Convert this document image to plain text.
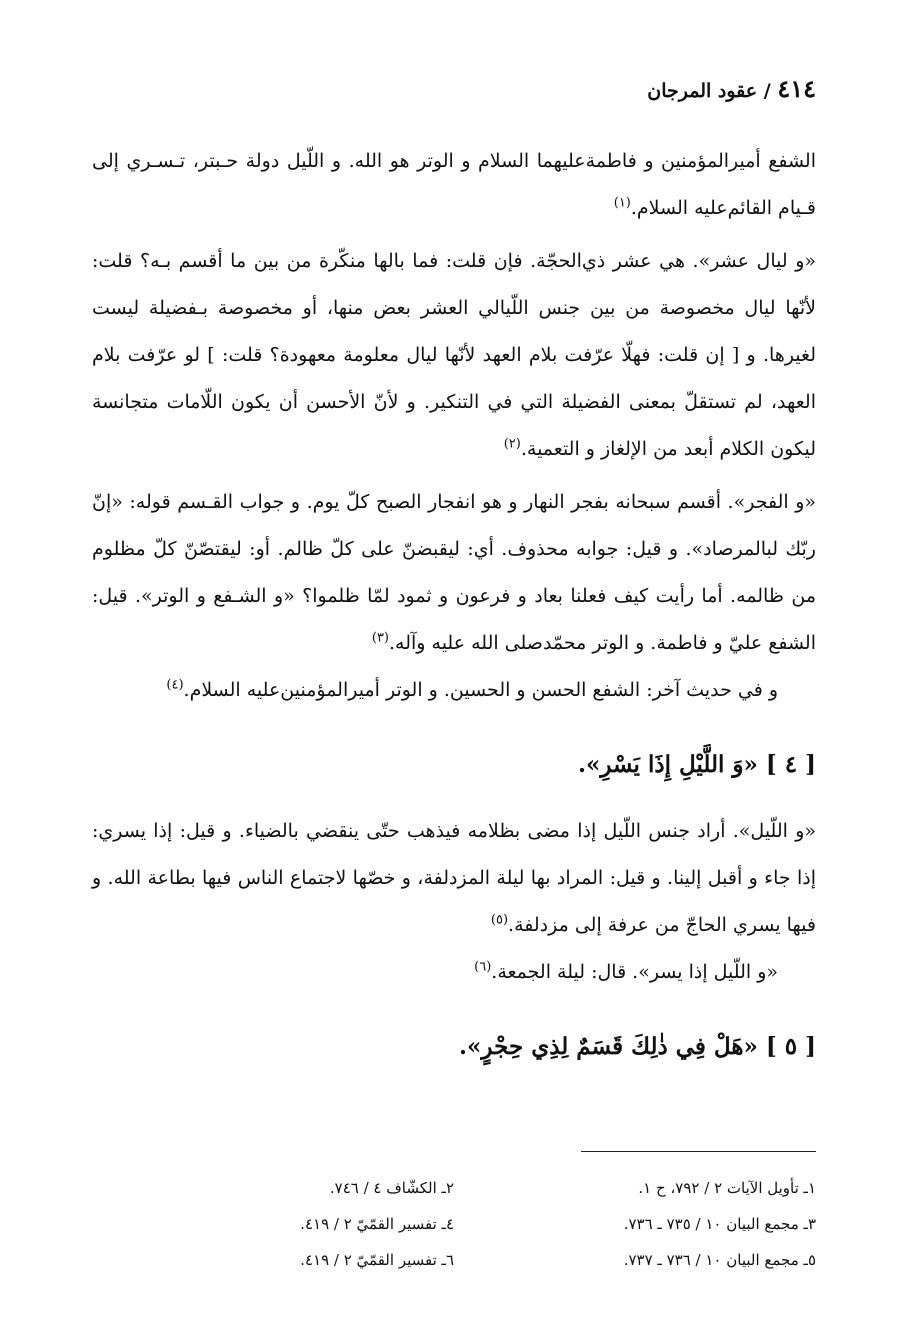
٤١٤ / عقود المرجان

الشفع أميرالمؤمنين و فاطمة‌عليهما السلام و الوتر هو الله. و اللّيل دولة حـبتر، تـسـري إلى قـيام القائم‌عليه السلام.$^{(١)}$

«و ليال عشر». هي عشر ذي‌الحجّة. فإن قلت: فما بالها منكّرة من بين ما أقسم بـه؟ قلت: لأنّها ليال مخصوصة من بين جنس اللّيالي العشر بعض منها، أو مخصوصة بـفضيلة ليست لغيرها. و [ إن قلت: فهلّا عرّفت بلام العهد لأنّها ليال معلومة معهودة؟ قلت: ] لو عرّفت بلام العهد، لم تستقلّ بمعنى الفضيلة التي في التنكير. و لأنّ الأحسن أن يكون اللّامات متجانسة ليكون الكلام أبعد من الإلغاز و التعمية.$^{(٢)}$

«و الفجر». أقسم سبحانه بفجر النهار و هو انفجار الصبح كلّ يوم. و جواب القـسم قوله: «إنّ ربّك لبالمرصاد». و قيل: جوابه محذوف. أي: ليقبضنّ على كلّ ظالم. أو: ليقتصّنّ كلّ مظلوم من ظالمه. أما رأيت كيف فعلنا بعاد و فرعون و ثمود لمّا ظلموا؟ «و الشـفع و الوتر». قيل: الشفع عليّ و فاطمة. و الوتر محمّدصلى الله عليه وآله.$^{(٣)}$

و في حديث آخر: الشفع الحسن و الحسين. و الوتر أميرالمؤمنين‌عليه السلام.$^{(٤)}$

[ ٤ ] «وَ اللَّيْلِ إِذَا يَسْرِ».

«و اللّيل». أراد جنس اللّيل إذا مضى بظلامه فيذهب حتّى ينقضي بالضياء. و قيل: إذا يسري: إذا جاء و أقبل إلينا. و قيل: المراد بها ليلة المزدلفة، و خصّها لاجتماع الناس فيها بطاعة الله. و فيها يسري الحاجّ من عرفة إلى مزدلفة.$^{(٥)}$

«و اللّيل إذا يسر». قال: ليلة الجمعة.$^{(٦)}$

[ ٥ ] «هَلْ فِي ذٰلِكَ قَسَمٌ لِذِي حِجْرٍ».

١ـ تأويل الآيات ٢ / ٧٩٢، ح ١.
٢ـ الكشّاف ٤ / ٧٤٦.
٣ـ مجمع البيان ١٠ / ٧٣٥ ـ ٧٣٦.
٤ـ تفسير القمّيّ ٢ / ٤١٩.
٥ـ مجمع البيان ١٠ / ٧٣٦ ـ ٧٣٧.
٦ـ تفسير القمّيّ ٢ / ٤١٩.
